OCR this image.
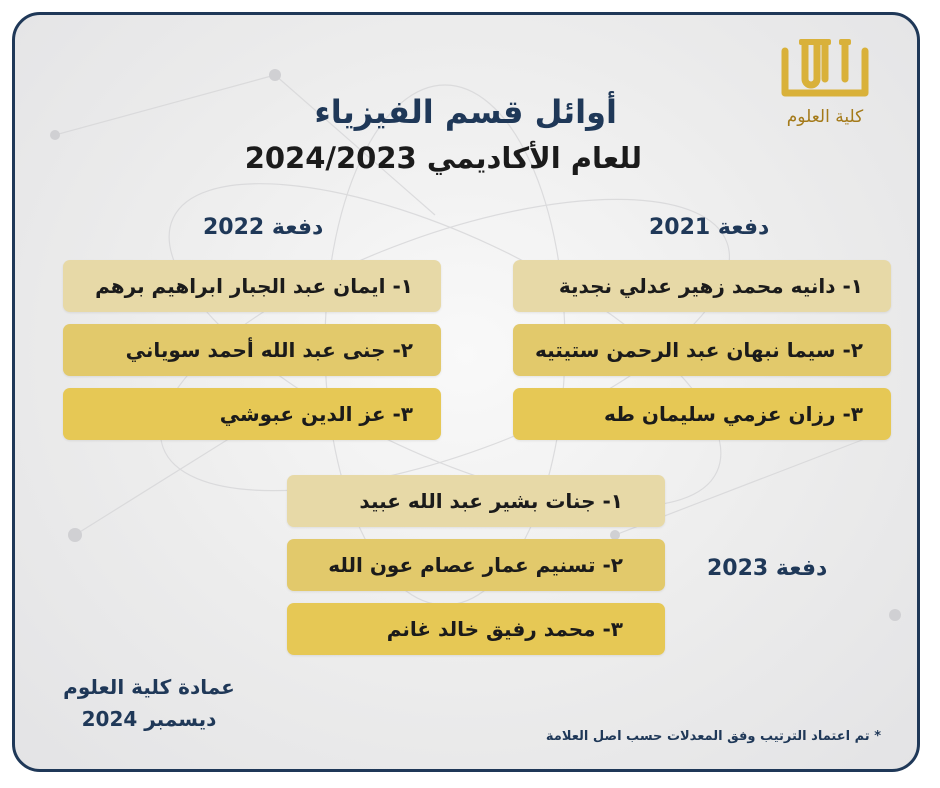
كلية العلوم
أوائل قسم الفيزياء
للعام الأكاديمي 2024/2023
دفعة 2021
١- دانيه محمد زهير عدلي نجدية
٢- سيما نبهان عبد الرحمن ستيتيه
٣- رزان عزمي سليمان طه
دفعة 2022
١- ايمان عبد الجبار ابراهيم برهم
٢- جنى عبد الله أحمد سوياني
٣- عز الدين عبوشي
١- جنات بشير عبد الله عبيد
٢- تسنيم عمار عصام عون الله
٣- محمد رفيق خالد غانم
دفعة 2023
عمادة كلية العلوم
ديسمبر 2024
* تم اعتماد الترتيب وفق المعدلات حسب اصل العلامة
